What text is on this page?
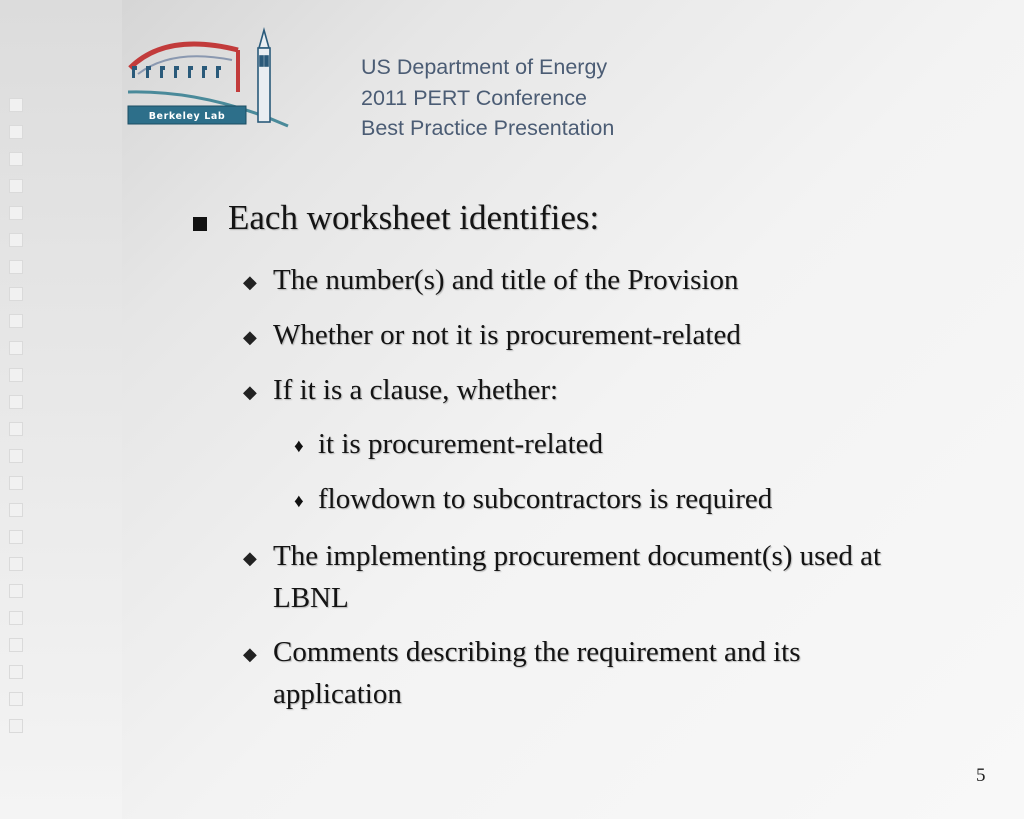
Berkeley Lab
US Department of Energy
2011 PERT Conference
Best Practice Presentation
Each worksheet identifies:
◆ The number(s) and title of the Provision
◆ Whether or not it is procurement-related
◆ If it is a clause, whether:
♦ it is procurement-related
♦ flowdown to subcontractors is required
◆ The implementing procurement document(s) used at LBNL
◆ Comments describing the requirement and its application
5
